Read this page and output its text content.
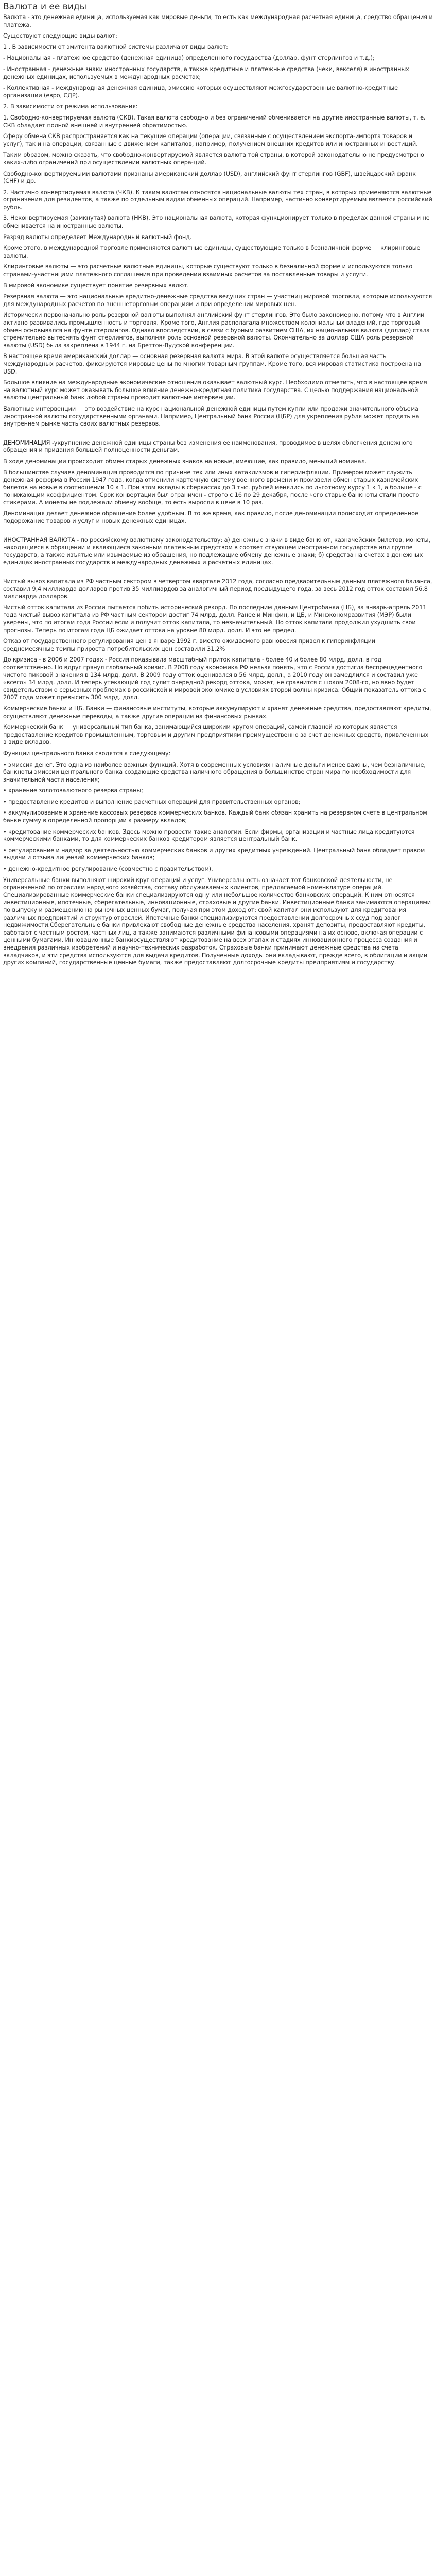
Валюта и ее виды

Валюта - это денежная единица, используемая как мировые деньги, то есть как международная расчетная единица, средство обращения и платежа.

Существуют следующие виды валют:

1 . В зависимости от эмитента валютной системы различают виды валют:

- Национальная - платежное средство (денежная единица) определенного государства (доллар, фунт стерлингов и т.д.);

- Иностранная - денежные знаки иностранных государств, а также кредитные и платежные средства (чеки, векселя) в иностранных денежных единицах, используемых в международных расчетах;

- Коллективная - международная денежная единица, эмиссию которых осуществляют межгосударственные валютно-кредитные организации (евро, СДР).

2. В зависимости от режима использования:

1. Свободно-конвертируемая валюта (СКВ). Такая валюта свободно и без ограничений обменивается на другие иностранные валюты, т. е. СКВ обладает полной внешней и внутренней обратимостью.

Сферу обмена СКВ распространяется как на текущие операции (операции, связанные с осуществлением экспорта-импорта товаров и услуг), так и на операции, связанные с движением капиталов, например, получением внешних кредитов или иностранных инвестиций.

Таким образом, можно сказать, что свободно-конвертируемой является валюта той страны, в которой законодательно не предусмотрено каких-либо ограничений при осуществлении валютных опера-ций.

Свободно-конвертируемыми валютами признаны американский доллар (USD), английский фунт стерлингов (GBF), швейцарский франк (CHF) и др.

2. Частично конвертируемая валюта (ЧКВ). К таким валютам относятся национальные валюты тех стран, в которых применяются валютные ограничения для резидентов, а также по отдельным видам обменных операций. Например, частично конвертируемым является российский рубль.

3. Неконвертируемая (замкнутая) валюта (НКВ). Это национальная валюта, которая функционирует только в пределах данной страны и не обменивается на иностранные валюты.

Разряд валюты определяет Международный валютный фонд.

Кроме этого, в международной торговле применяются валютные единицы, существующие только в безналичной форме — клиринговые валюты.

Клиринговые валюты — это расчетные валютные единицы, которые существуют только в безналичной форме и используются только странами-участницами платежного соглашения при проведении взаимных расчетов за поставленные товары и услуги.

В мировой экономике существует понятие резервных валют.

Резервная валюта — это национальные кредитно-денежные средства ведущих стран — участниц мировой торговли, которые используются для международных расчетов по внешнеторговым операциям и при определении мировых цен.

Исторически первоначально роль резервной валюты выполнял английский фунт стерлингов. Это было закономерно, потому что в Англии активно развивались промышленность и торговля. Кроме того, Англия располагала множеством колониальных владений, где торговый обмен основывался на фунте стерлингов. Однако впоследствии, в связи с бурным развитием США, их национальная валюта (доллар) стала стремительно вытеснять фунт стерлингов, выполняя роль основной резервной валюты. Окончательно за доллар США роль резервной валюты (USD) была закреплена в 1944 г. на Бреттон-Вудской конференции.

В настоящее время американский доллар — основная резервная валюта мира. В этой валюте осуществляется большая часть международных расчетов, фиксируются мировые цены по многим товарным группам. Кроме того, вся мировая статистика построена на USD.

Большое влияние на международные экономические отношения оказывает валютный курс. Необходимо отметить, что в настоящее время на валютный курс может оказывать большое влияние денежно-кредитная политика государства. С целью поддержания национальной валюты центральный банк любой страны проводит валютные интервенции.

Валютные интервенции — это воздействие на курс национальной денежной единицы путем купли или продажи значительного объема иностранной валюты государственными органами. Например, Центральный банк России (ЦБР) для укрепления рубля может продать на внутреннем рынке часть своих валютных резервов.

ДЕНОМИНАЦИЯ -укрупнение денежной единицы страны без изменения ее наименования, проводимое в целях облегчения денежного обращения и придания большей полноценности деньгам.

В ходе деноминации происходит обмен старых денежных знаков на новые, имеющие, как правило, меньший номинал.

В большинстве случаев деноминация проводится по причине тех или иных катаклизмов и гиперинфляции. Примером может служить денежная реформа в России 1947 года, когда отменили карточную систему военного времени и произвели обмен старых казначейских билетов на новые в соотношении 10 к 1. При этом вклады в сберкассах до 3 тыс. рублей менялись по льготному курсу 1 к 1, а больше - с понижающим коэффициентом. Срок конвертации был ограничен - строго с 16 по 29 декабря, после чего старые банкноты стали просто стикерами. А монеты не подлежали обмену вообще, то есть выросли в цене в 10 раз.

Деноминация делает денежное обращение более удобным. В то же время, как правило, после деноминации происходит определенное подорожание товаров и услуг и новых денежных единицах.

ИНОСТРАННАЯ ВАЛЮТА - по российскому валютному законодательству: а) денежные знаки в виде банкнот, казначейских билетов, монеты, находящиеся в обращении и являющиеся законным платежным средством в соответ ствующем иностранном государстве или группе государств, а также изъятые или изымаемые из обращения, но подлежащие обмену денежные знаки; б) средства на счетах в денежных единицах иностранных государств и международных денежных и расчетных единицах.

Чистый вывоз капитала из РФ частным сектором в четвертом квартале 2012 года, согласно предварительным данным платежного баланса, составил 9,4 миллиарда долларов против 35 миллиардов за аналогичный период предыдущего года, за весь 2012 год отток составил 56,8 миллиарда долларов.

Чистый отток капитала из России пытается побить исторический рекорд. По последним данным Центробанка (ЦБ), за январь-апрель 2011 года чистый вывоз капитала из РФ частным сектором достиг 74 млрд. долл. Ранее и Минфин, и ЦБ, и Минэкономразвития (МЭР) были уверены, что по итогам года России если и получит отток капитала, то незначительный. Но отток капитала продолжил ухудшить свои прогнозы. Теперь по итогам года ЦБ ожидает оттока на уровне 80 млрд. долл. И это не предел.

Отказ от государственного регулирования цен в январе 1992 г. вместо ожидаемого равновесия привел к гиперинфляции — среднемесячные темпы прироста потребительских цен составили 31,2%

До кризиса - в 2006 и 2007 годах - Россия показывала масштабный приток капитала - более 40 и более 80 млрд. долл. в год соответственно. Но вдруг грянул глобальный кризис. В 2008 году экономика РФ нельзя понять, что с Россия достигла беспрецедентного чистого пиковой значения в 134 млрд. долл. В 2009 году отток оценивался в 56 млрд. долл., а 2010 году он замедлился и составил уже «всего» 34 млрд. долл. И теперь утекающий год сулит очередной рекорд оттока, может, не сравнится с шоком 2008-го, но явно будет свидетельством о серьезных проблемах в российской и мировой экономике в условиях второй волны кризиса. Общий показатель оттока с 2007 года может превысить 300 млрд. долл.

Коммерческие банки и ЦБ. Банки — финансовые институты, которые аккумулируют и хранят денежные средства, предоставляют кредиты, осуществляют денежные переводы, а также другие операции на финансовых рынках.

Коммерческий банк — универсальный тип банка, занимающийся широким кругом операций, самой главной из которых является предоставление кредитов промышленным, торговым и другим предприятиям преимущественно за счет денежных средств, привлеченных в виде вкладов.

Функции центрального банка сводятся к следующему:

• эмиссия денег. Это одна из наиболее важных функций. Хотя в современных условиях наличные деньги менее важны, чем безналичные, банкноты эмиссии центрального банка создающие средства наличного обращения в большинстве стран мира по необходимости для значительной части населения;

• хранение золотовалютного резерва страны;

• предоставление кредитов и выполнение расчетных операций для правительственных органов;

• аккумулирование и хранение кассовых резервов коммерческих банков. Каждый банк обязан хранить на резервном счете в центральном банке сумму в определенной пропорции к размеру вкладов;

• кредитование коммерческих банков. Здесь можно провести такие аналогии. Если фирмы, организации и частные лица кредитуются коммерческими банками, то для коммерческих банков кредитором является центральный банк.

• регулирование и надзор за деятельностью коммерческих банков и других кредитных учреждений. Центральный банк обладает правом выдачи и отзыва лицензий коммерческих банков;

• денежно-кредитное регулирование (совместно с правительством).

Универсальные банки выполняют широкий круг операций и услуг. Универсальность означает тот банковской деятельности, не ограниченной по отраслям народного хозяйства, составу обслуживаемых клиентов, предлагаемой номенклатуре операций. Специализированные коммерческие банки специализируются одну или небольшое количество банковских операций. К ним относятся инвестиционные, ипотечные, сберегательные, инновационные, страховые и другие банки. Инвестиционные банки занимаются операциями по выпуску и размещению на рыночных ценных бумаг, получая при этом доход от: свой капитал они используют для кредитования различных предприятий и структур отраслей. Ипотечные банки специализируются предоставлении долгосрочных ссуд под залог недвижимости.Сберегательные банки привлекают свободные денежные средства населения, хранят депозиты, предоставляют кредиты, работают с частным ростом, частных лиц, а также занимаются различными финансовыми операциями на их основе, включая операции с ценными бумагами. Инновационные банкиосуществляют кредитование на всех этапах и стадиях инновационного процесса создания и внедрения различных изобретений и научно-технических разработок. Страховые банки принимают денежные средства на счета вкладчиков, и эти средства используются для выдачи кредитов. Полученные доходы они вкладывают, прежде всего, в облигации и акции других компаний, государственные ценные бумаги, также предоставляют долгосрочные кредиты предприятиям и государству.
